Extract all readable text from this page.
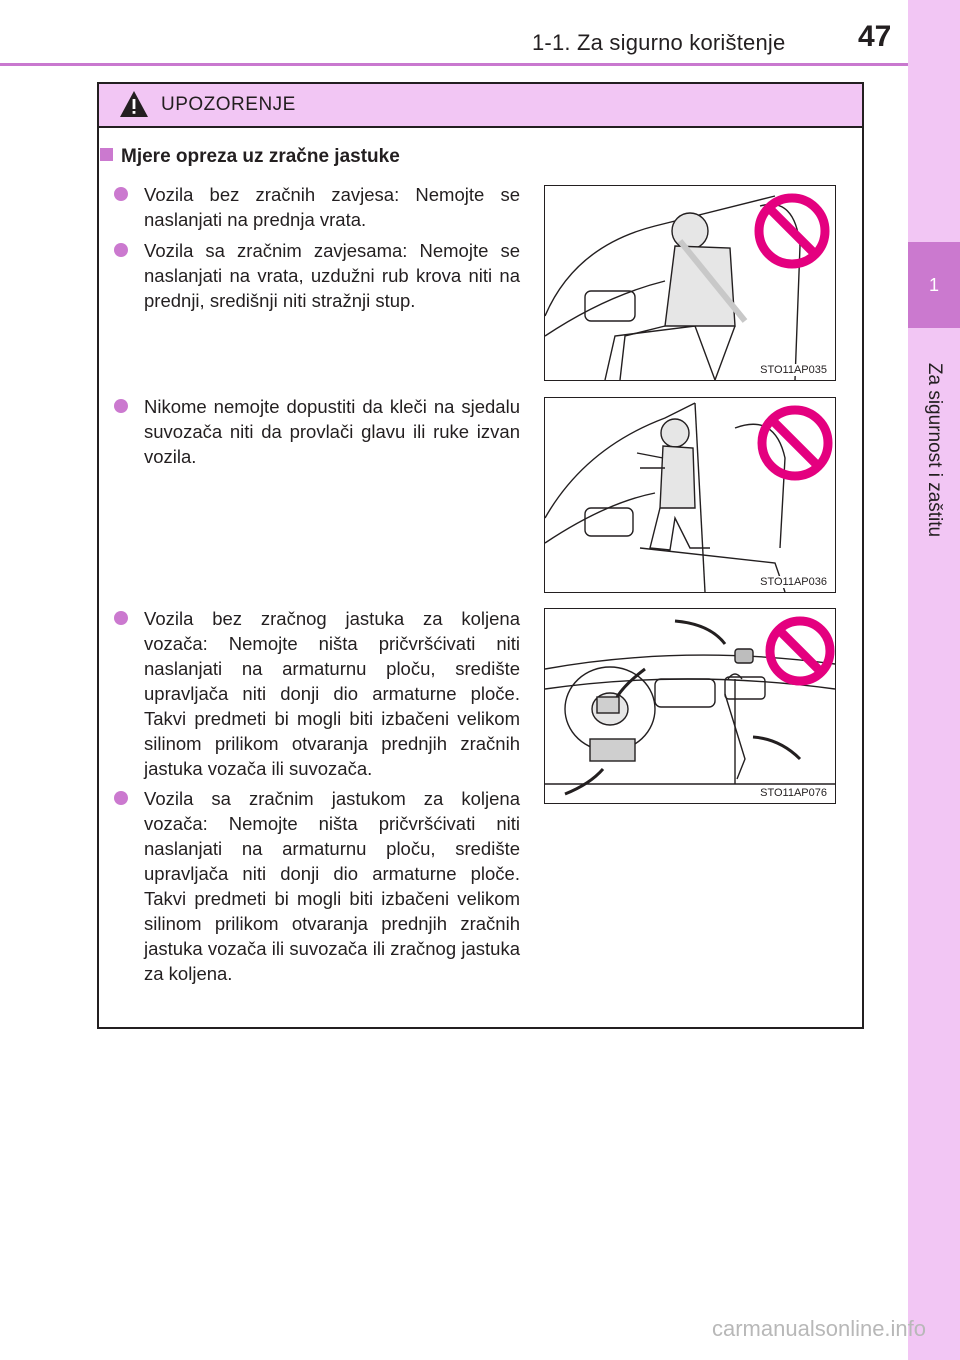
1-1. Za sigurno korištenje 47
1
Za sigurnost i zaštitu
UPOZORENJE
Mjere opreza uz zračne jastuke

Vozila bez zračnih zavjesa: Nemojte se naslanjati na prednja vrata.

Vozila sa zračnim zavjesama: Nemojte se naslanjati na vrata, uzdužni rub krova niti na prednji, središnji niti stražnji stup.

Nikome nemojte dopustiti da kleči na sjedalu suvozača niti da provlači glavu ili ruke izvan vozila.

Vozila bez zračnog jastuka za koljena vozača: Nemojte ništa pričvršćivati niti naslanjati na armaturnu ploču, središte upravljača niti donji dio armaturne ploče. Takvi predmeti bi mogli biti izbačeni velikom silinom prilikom otvaranja prednjih zračnih jastuka vozača ili suvozača.

Vozila sa zračnim jastukom za koljena vozača: Nemojte ništa pričvršćivati niti naslanjati na armaturnu ploču, središte upravljača niti donji dio armaturne ploče. Takvi predmeti bi mogli biti izbačeni velikom silinom prilikom otvaranja prednjih zračnih jastuka vozača ili suvozača ili zračnog jastuka za koljena.

STO11AP035
STO11AP036
STO11AP076
carmanualsonline.info
